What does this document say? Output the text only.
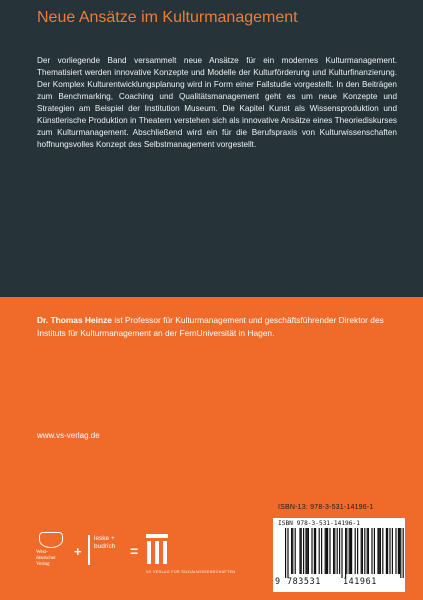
Neue Ansätze im Kulturmanagement

Der vorliegende Band versammelt neue Ansätze für ein modernes Kulturmanagement. Thematisiert werden innovative Konzepte und Modelle der Kulturförderung und Kulturfinanzierung. Der Komplex Kulturentwicklungsplanung wird in Form einer Fallstudie vorgestellt. In den Beiträgen zum Benchmarking, Coaching und Qualitätsmanagement geht es um neue Konzepte und Strategien am Beispiel der Institution Museum. Die Kapitel Kunst als Wissensproduktion und Künstlerische Produktion in Theatern verstehen sich als innovative Ansätze eines Theoriediskurses zum Kulturmanagement. Abschließend wird ein für die Berufspraxis von Kulturwissenschaften hoffnungsvolles Konzept des Selbstmanagement vorgestellt.

Dr. Thomas Heinze ist Professor für Kulturmanagement und geschäftsführender Direktor des Instituts für Kulturmanagement an der FernUniversität in Hagen.

www.vs-verlag.de
West-
deutscher
Verlag
+
leske +
budrich	=
VS VERLAG FÜR SOZIALWISSENSCHAFTEN
ISBN-13: 978-3-531-14196-1
ISBN 978-3-531-14196-1
9 783531	141961
